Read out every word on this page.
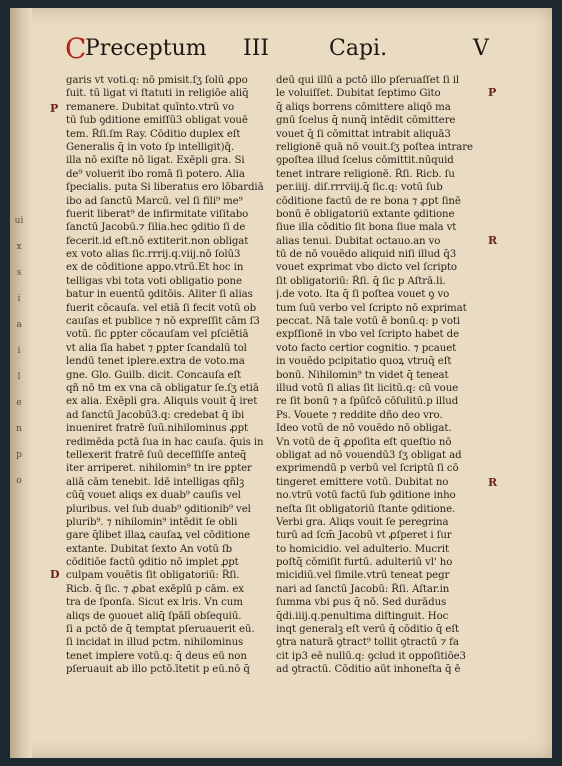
ui
x
s
i
a
i
l
e
n
p
o
C
Preceptum III	Capi.	V
P
D
P
R
R
garis vt voti.q: nō pmisit.ſʒ ſolū ꝓpo
ſuit. tū ligat vi ſtatuti in religiōe aliq̄
remanere. Dubitat quīnto.vtrū vo
tū ſub ꝯditione emiſſū3 obligat vouē
tem. R̃ſi.ſm Ray. Cōditio duplex eſt
Generalis q̄ in voto ſp intelligit)q̃.
illa nō exiſte nō ligat. Exēpli gra. Si
de⁹ voluerit ibo romā ſi potero. Alia
ſpecialis. puta Si liberatus ero lōbardiā
ibo ad ſanctū Marcū. vel ſi fili⁹ me⁹
fuerit liberat⁹ de infirmitate viſitabo
ſanctū Jacobū.⁊ ſilia.hec ꝯditio ſi de
fecerit.id eſt.nō extiterit.non obligat
ex voto alias ſic.rrrij.q.viij.nō ſolū3
ex de cōditione appo.vtrū.Et hoc in
telligas vbi tota voti obligatio pone
batur in euentū ꝯditōis. Aliter ſi alias
fuerit cōcauſa. vel etiā ſi fecit votū ob
cauſas et publice ⁊ nō expreſſit cām ſ3
votū. ſic ꝑpter cōcauſam vel pſciētiā
vt alia ſīa habet ⁊ ꝑpter ſcandalū tol
lendū tenet iplere.extra de voto.ma
gne. Glo. Guilb. dicit. Concauſa eſt
qñ nō tm ex vna cā obligatur ſe.ſʒ etiā
ex alia. Exēpli gra. Aliquis vouit q̄ iret
ad ſanctū Jacobū3.q: credebat q̄ ibi
inueniret fratrē ſuū.nihilominus ꝓpt
redimēda pctā ſua in hac cauſa. q̄uis in
tellexerit fratrē ſuū deceſſiſſe anteq̄
iter arriperet. nihilomin⁹ tn ire ꝑpter
aliā cām tenebit. Idē intelligas qñlꝫ
cūq̄ vouet aliqs ex duab⁹ cauſis vel
pluribus. vel ſub duab⁹ ꝯditionib⁹ vel
plurib⁹. ⁊ nihilomin⁹ intēdit ſe obli
gare q̄libet illaꝝ cauſaꝝ vel cōditione
extante. Dubitat ſexto An votū ſb
cōditiōe factū ꝯditio nō implet ꝓpt
culpam vouētis ſit obligatoriū: R̃ſi.
Ricb. q̄ ſic. ⁊ ꝓbat exēplū p cām. ex
tra de ſponſa. Sicut ex lris. Vn cum
aliqs de ꝯuouet aliq̄ ſpālī obſequiū.
ſi a pctō de q̄ temptat pſeruauerit eū.
ſi incidat in illud pctm. nihilominus
tenet implere votū.q: q̄ deus eū non
pſeruauit ab illo pctō.ītetit p eū.nō q̄
deū qui illū a pctō illo pſeruaſſet ſi il
le voluiſſet. Dubitat ſeptimo Gito
q̄ aliqs borrens cōmittere aliqō ma
gnū ſcelus q̄ nunq̄ intēdit cōmittere
vouet q̄ ſi cōmittat intrabit aliquā3
religionē quā nō vouit.ſʒ poſtea intrare
ꝯpoſtea illud ſcelus cōmittit.nūquid
tenet intrare religionē. R̃ſi. Ricb. ſu
per.iiij. diſ.rrrviij.q̄ ſic.q: votū ſub
cōditione factū de re bona ⁊ ꝓpt ſinē
bonū ē obligatoriū extante ꝯditione
ſiue illa cōditio ſit bona ſiue mala vt
alias tenui. Dubitat octauo.an vo
tū de nō vouēdo aliquid niſi illud q̄3
vouet exprimat vbo dicto vel ſcripto
ſit obligatoriū: R̃ſi. q̄ ſic p Aſtrā.li.
j.de voto. Ita q̄ ſi poſtea vouet ꝯ vo
tum ſuū verbo vel ſcripto nō exprimat
peccat. Nā tale votū ē bonū.q: p voti
expſſionē in vbo vel ſcripto habet de
voto facto certior cognitio. ⁊ pcauet
in vouēdo pcipitatio quoꝝ vtruq̄ eſt
bonū. Nihilomin⁹ tn videt q̄ teneat
illud votū ſi alias ſit licitū.q: cū voue
re ſit bonū ⁊ a ſpūſcō cōſulitū.p illud
Ps. Vouete ⁊ reddite dño deo vro.
Ideo votū de nō vouēdo nō obligat.
Vn votū de q̄ ꝓpoſita eſt queſtio nō
obligat ad nō vouendū3 ſʒ obligat ad
exprimendū p verbū vel ſcriptū ſi cō
tingeret emittere votū. Dubitat no
no.vtrū votū factū ſub ꝯditione inho
neſta ſit obligatoriū ſtante ꝯditione.
Verbi gra. Aliqs vouit ſe peregrina
turū ad ſcm̄ Jacobū vt ꝓſperet i ſur
to homicidio. vel adulterio. Mucrit
poſtq̄ cōmiſit furtū. adulteriū vl' ho
micidiū.vel ſimile.vtrū teneat pegr
nari ad ſanctū Jacobū: R̃ſi. Aſtar.in
ſumma vbi ꝑus q̄ nō. Sed durādus
q̄di.iiij.q.penultima diſtinguit. Hoc
inqt generalꝫ eſt verū q̄ cōditio q̄ eſt
ꝯtra naturā ꝯtract⁹ tollit ꝯtractū ⁊ fa
cit ip3 eē nullū.q: ꝯclud it oppoſitiōe3
ad ꝯtractū. Cōditio aūt inhoneſta q̄ ē
